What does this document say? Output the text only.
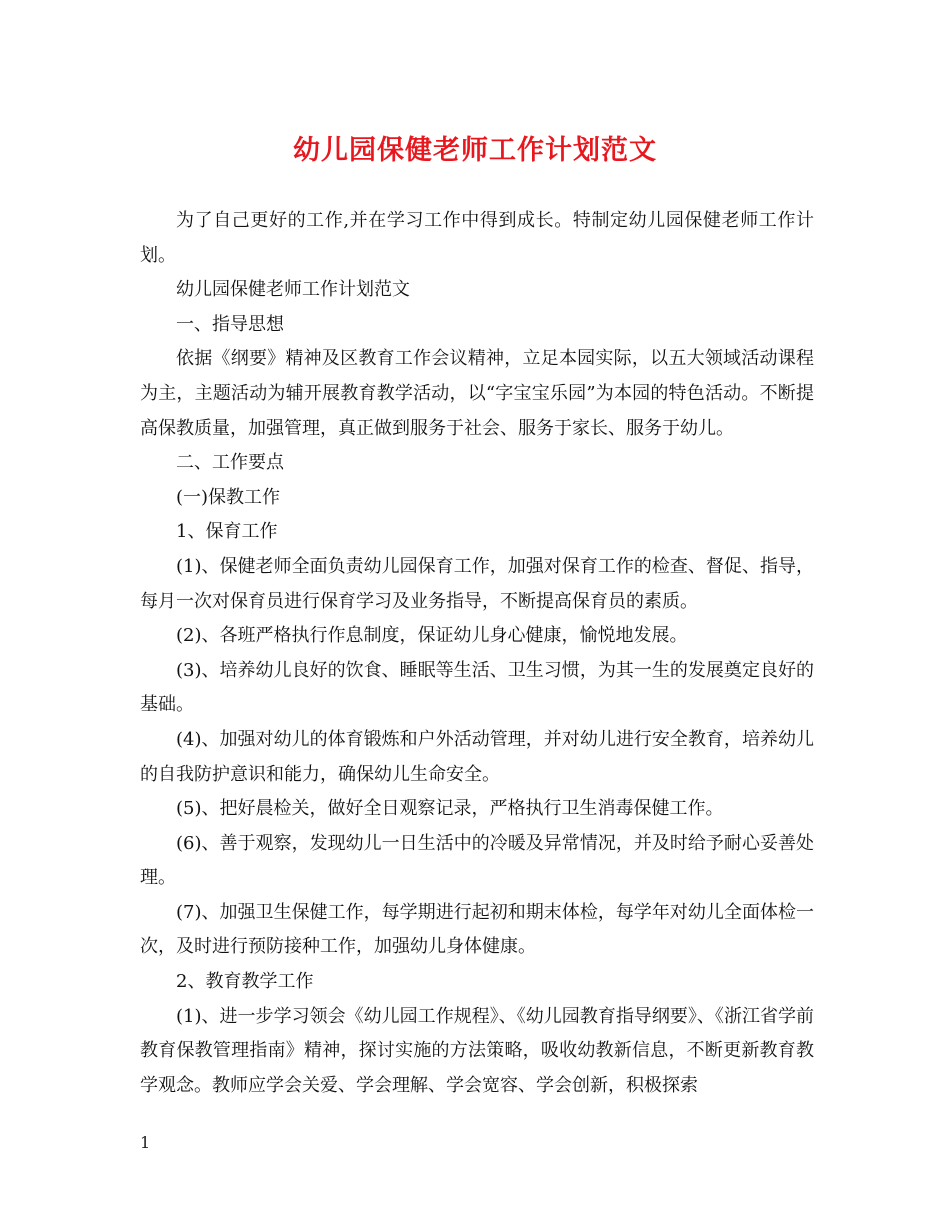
幼儿园保健老师工作计划范文

为了自己更好的工作,并在学习工作中得到成长。特制定幼儿园保健老师工作计划。

幼儿园保健老师工作计划范文

一、指导思想

依据《纲要》精神及区教育工作会议精神，立足本园实际，以五大领域活动课程为主，主题活动为辅开展教育教学活动，以“字宝宝乐园”为本园的特色活动。不断提高保教质量，加强管理，真正做到服务于社会、服务于家长、服务于幼儿。

二、工作要点

(一)保教工作

1、保育工作

(1)、保健老师全面负责幼儿园保育工作，加强对保育工作的检查、督促、指导，每月一次对保育员进行保育学习及业务指导，不断提高保育员的素质。

(2)、各班严格执行作息制度，保证幼儿身心健康，愉悦地发展。

(3)、培养幼儿良好的饮食、睡眠等生活、卫生习惯，为其一生的发展奠定良好的基础。

(4)、加强对幼儿的体育锻炼和户外活动管理，并对幼儿进行安全教育，培养幼儿的自我防护意识和能力，确保幼儿生命安全。

(5)、把好晨检关，做好全日观察记录，严格执行卫生消毒保健工作。

(6)、善于观察，发现幼儿一日生活中的冷暖及异常情况，并及时给予耐心妥善处理。

(7)、加强卫生保健工作，每学期进行起初和期末体检，每学年对幼儿全面体检一次，及时进行预防接种工作，加强幼儿身体健康。

2、教育教学工作

(1)、进一步学习领会《幼儿园工作规程》、《幼儿园教育指导纲要》、《浙江省学前教育保教管理指南》精神，探讨实施的方法策略，吸收幼教新信息，不断更新教育教学观念。教师应学会关爱、学会理解、学会宽容、学会创新，积极探索

1
